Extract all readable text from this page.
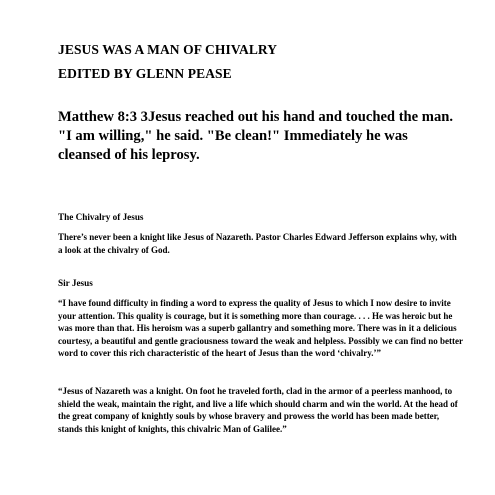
JESUS WAS A MAN OF CHIVALRY
EDITED BY GLENN PEASE
Matthew 8:3 3Jesus reached out his hand and touched the man. "I am willing," he said. "Be clean!" Immediately he was cleansed of his leprosy.
The Chivalry of Jesus
There’s never been a knight like Jesus of Nazareth. Pastor Charles Edward Jefferson explains why, with a look at the chivalry of God.
Sir Jesus
“I have found difficulty in finding a word to express the quality of Jesus to which I now desire to invite your attention. This quality is courage, but it is something more than courage. . . . He was heroic but he was more than that. His heroism was a superb gallantry and something more. There was in it a delicious courtesy, a beautiful and gentle graciousness toward the weak and helpless. Possibly we can find no better word to cover this rich characteristic of the heart of Jesus than the word ‘chivalry.’”
“Jesus of Nazareth was a knight. On foot he traveled forth, clad in the armor of a peerless manhood, to shield the weak, maintain the right, and live a life which should charm and win the world. At the head of the great company of knightly souls by whose bravery and prowess the world has been made better, stands this knight of knights, this chivalric Man of Galilee.”
